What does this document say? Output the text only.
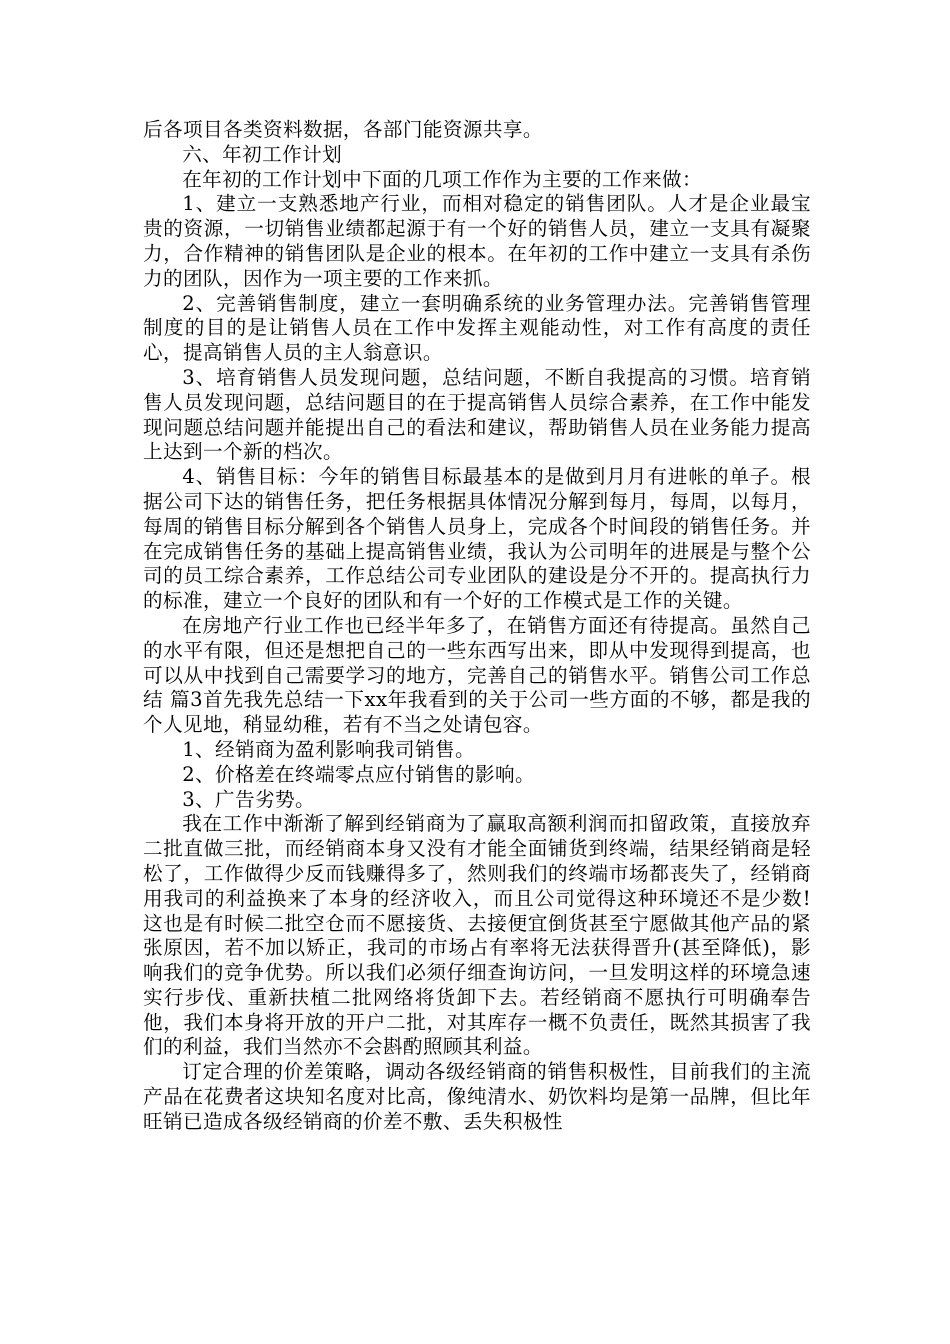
后各项目各类资料数据，各部门能资源共享。

六、年初工作计划

在年初的工作计划中下面的几项工作作为主要的工作来做：

1、建立一支熟悉地产行业，而相对稳定的销售团队。人才是企业最宝贵的资源，一切销售业绩都起源于有一个好的销售人员，建立一支具有凝聚力，合作精神的销售团队是企业的根本。在年初的工作中建立一支具有杀伤力的团队，因作为一项主要的工作来抓。

2、完善销售制度，建立一套明确系统的业务管理办法。完善销售管理制度的目的是让销售人员在工作中发挥主观能动性，对工作有高度的责任心，提高销售人员的主人翁意识。

3、培育销售人员发现问题，总结问题，不断自我提高的习惯。培育销售人员发现问题，总结问题目的在于提高销售人员综合素养，在工作中能发现问题总结问题并能提出自己的看法和建议，帮助销售人员在业务能力提高上达到一个新的档次。

4、销售目标：今年的销售目标最基本的是做到月月有进帐的单子。根据公司下达的销售任务，把任务根据具体情况分解到每月，每周，以每月，每周的销售目标分解到各个销售人员身上，完成各个时间段的销售任务。并在完成销售任务的基础上提高销售业绩，我认为公司明年的进展是与整个公司的员工综合素养，工作总结公司专业团队的建设是分不开的。提高执行力的标准，建立一个良好的团队和有一个好的工作模式是工作的关键。

在房地产行业工作也已经半年多了，在销售方面还有待提高。虽然自己的水平有限，但还是想把自己的一些东西写出来，即从中发现得到提高，也可以从中找到自己需要学习的地方，完善自己的销售水平。销售公司工作总结 篇3首先我先总结一下xx年我看到的关于公司一些方面的不够，都是我的个人见地，稍显幼稚，若有不当之处请包容。

1、经销商为盈利影响我司销售。

2、价格差在终端零点应付销售的影响。

3、广告劣势。

我在工作中渐渐了解到经销商为了赢取高额利润而扣留政策，直接放弃二批直做三批，而经销商本身又没有才能全面铺货到终端，结果经销商是轻松了，工作做得少反而钱赚得多了，然则我们的终端市场都丧失了，经销商用我司的利益换来了本身的经济收入，而且公司觉得这种环境还不是少数!这也是有时候二批空仓而不愿接货、去接便宜倒货甚至宁愿做其他产品的紧张原因，若不加以矫正，我司的市场占有率将无法获得晋升(甚至降低)，影响我们的竞争优势。所以我们必须仔细查询访问，一旦发明这样的环境急速实行步伐、重新扶植二批网络将货卸下去。若经销商不愿执行可明确奉告他，我们本身将开放的开户二批，对其库存一概不负责任，既然其损害了我们的利益，我们当然亦不会斟酌照顾其利益。

订定合理的价差策略，调动各级经销商的销售积极性，目前我们的主流产品在花费者这块知名度对比高，像纯清水、奶饮料均是第一品牌，但比年旺销已造成各级经销商的价差不敷、丢失积极性
